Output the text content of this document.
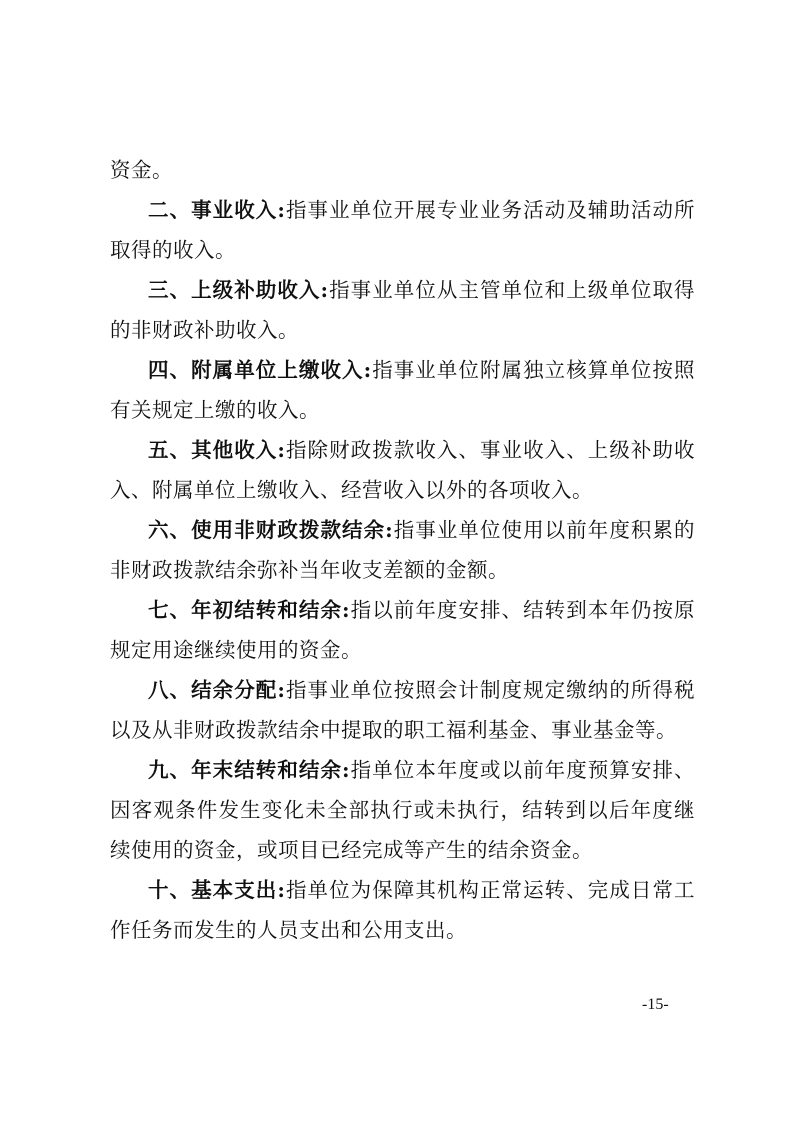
资金。

二、事业收入:指事业单位开展专业业务活动及辅助活动所取得的收入。

三、上级补助收入:指事业单位从主管单位和上级单位取得的非财政补助收入。

四、附属单位上缴收入:指事业单位附属独立核算单位按照有关规定上缴的收入。

五、其他收入:指除财政拨款收入、事业收入、上级补助收入、附属单位上缴收入、经营收入以外的各项收入。

六、使用非财政拨款结余:指事业单位使用以前年度积累的非财政拨款结余弥补当年收支差额的金额。

七、年初结转和结余:指以前年度安排、结转到本年仍按原规定用途继续使用的资金。

八、结余分配:指事业单位按照会计制度规定缴纳的所得税以及从非财政拨款结余中提取的职工福利基金、事业基金等。

九、年末结转和结余:指单位本年度或以前年度预算安排、因客观条件发生变化未全部执行或未执行，结转到以后年度继续使用的资金，或项目已经完成等产生的结余资金。

十、基本支出:指单位为保障其机构正常运转、完成日常工作任务而发生的人员支出和公用支出。

-15-
